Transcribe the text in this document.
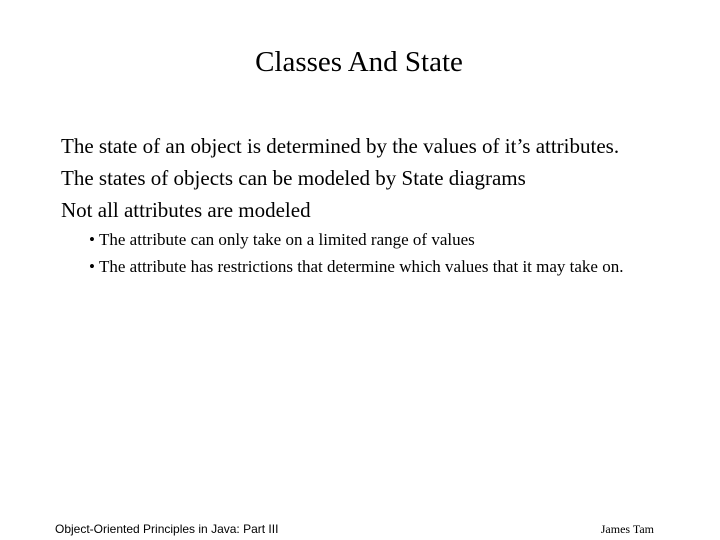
Classes And State

The state of an object is determined by the values of it’s attributes.

The states of objects can be modeled by State diagrams

Not all attributes are modeled

• The attribute can only take on a limited range of values
• The attribute has restrictions that determine which values that it may take on.
Object-Oriented Principles in Java: Part III	James Tam
